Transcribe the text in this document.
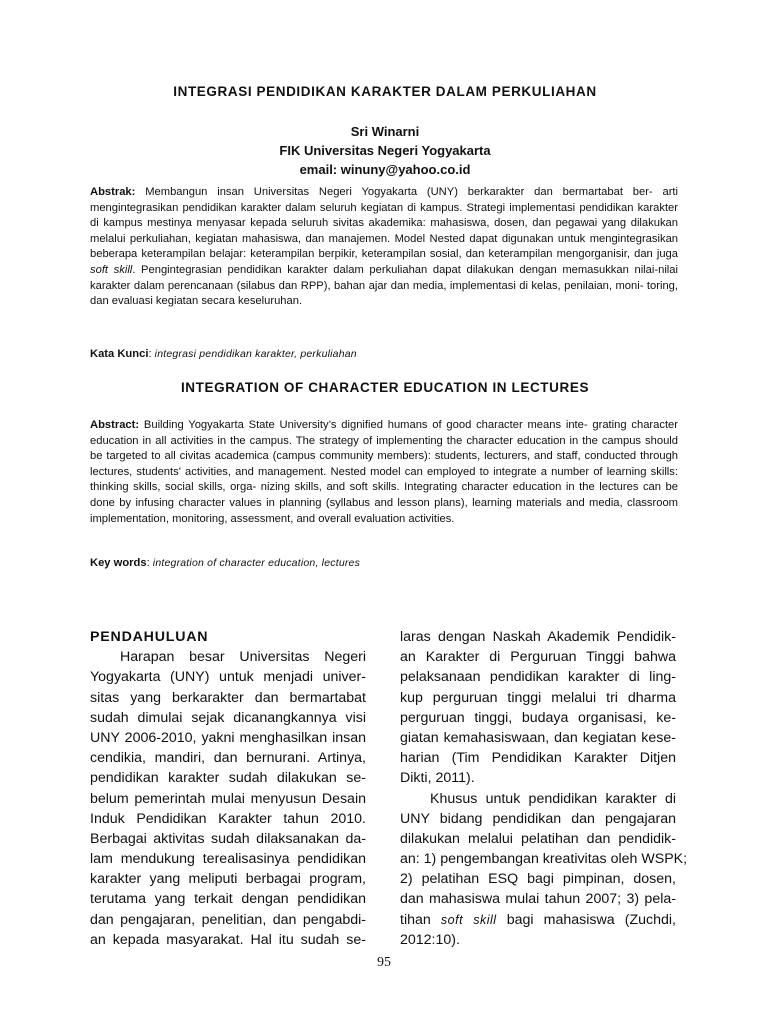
INTEGRASI PENDIDIKAN KARAKTER DALAM PERKULIAHAN
Sri Winarni
FIK Universitas Negeri Yogyakarta
email: winuny@yahoo.co.id
Abstrak: Membangun insan Universitas Negeri Yogyakarta (UNY) berkarakter dan bermartabat ber- arti mengintegrasikan pendidikan karakter dalam seluruh kegiatan di kampus. Strategi implementasi pendidikan karakter di kampus mestinya menyasar kepada seluruh sivitas akademika: mahasiswa, dosen, dan pegawai yang dilakukan melalui perkuliahan, kegiatan mahasiswa, dan manajemen. Model Nested dapat digunakan untuk mengintegrasikan beberapa keterampilan belajar: keterampilan berpikir, keterampilan sosial, dan keterampilan mengorganisir, dan juga soft skill. Pengintegrasian pendidikan karakter dalam perkuliahan dapat dilakukan dengan memasukkan nilai-nilai karakter dalam perencanaan (silabus dan RPP), bahan ajar dan media, implementasi di kelas, penilaian, moni- toring, dan evaluasi kegiatan secara keseluruhan.
Kata Kunci: integrasi pendidikan karakter, perkuliahan
INTEGRATION OF CHARACTER EDUCATION IN LECTURES
Abstract: Building Yogyakarta State University’s dignified humans of good character means inte- grating character education in all activities in the campus. The strategy of implementing the character education in the campus should be targeted to all civitas academica (campus community members): students, lecturers, and staff, conducted through lectures, students' activities, and management. Nested model can employed to integrate a number of learning skills: thinking skills, social skills, orga- nizing skills, and soft skills. Integrating character education in the lectures can be done by infusing character values in planning (syllabus and lesson plans), learning materials and media, classroom implementation, monitoring, assessment, and overall evaluation activities.
Key words: integration of character education, lectures
PENDAHULUAN
Harapan besar Universitas Negeri
Yogyakarta (UNY) untuk menjadi univer-
sitas yang berkarakter dan bermartabat
sudah dimulai sejak dicanangkannya visi
UNY 2006-2010, yakni menghasilkan insan
cendikia, mandiri, dan bernurani. Artinya,
pendidikan karakter sudah dilakukan se-
belum pemerintah mulai menyusun Desain
Induk Pendidikan Karakter tahun 2010.
Berbagai aktivitas sudah dilaksanakan da-
lam mendukung terealisasinya pendidikan
karakter yang meliputi berbagai program,
terutama yang terkait dengan pendidikan
dan pengajaran, penelitian, dan pengabdi-
an kepada masyarakat. Hal itu sudah se-
laras dengan Naskah Akademik Pendidik-
an Karakter di Perguruan Tinggi bahwa
pelaksanaan pendidikan karakter di ling-
kup perguruan tinggi melalui tri dharma
perguruan tinggi, budaya organisasi, ke-
giatan kemahasiswaan, dan kegiatan kese-
harian (Tim Pendidikan Karakter Ditjen
Dikti, 2011).
Khusus untuk pendidikan karakter di
UNY bidang pendidikan dan pengajaran
dilakukan melalui pelatihan dan pendidik-
an: 1) pengembangan kreativitas oleh WSPK;
2) pelatihan ESQ bagi pimpinan, dosen,
dan mahasiswa mulai tahun 2007; 3) pela-
tihan soft skill bagi mahasiswa (Zuchdi,
2012:10).
95
